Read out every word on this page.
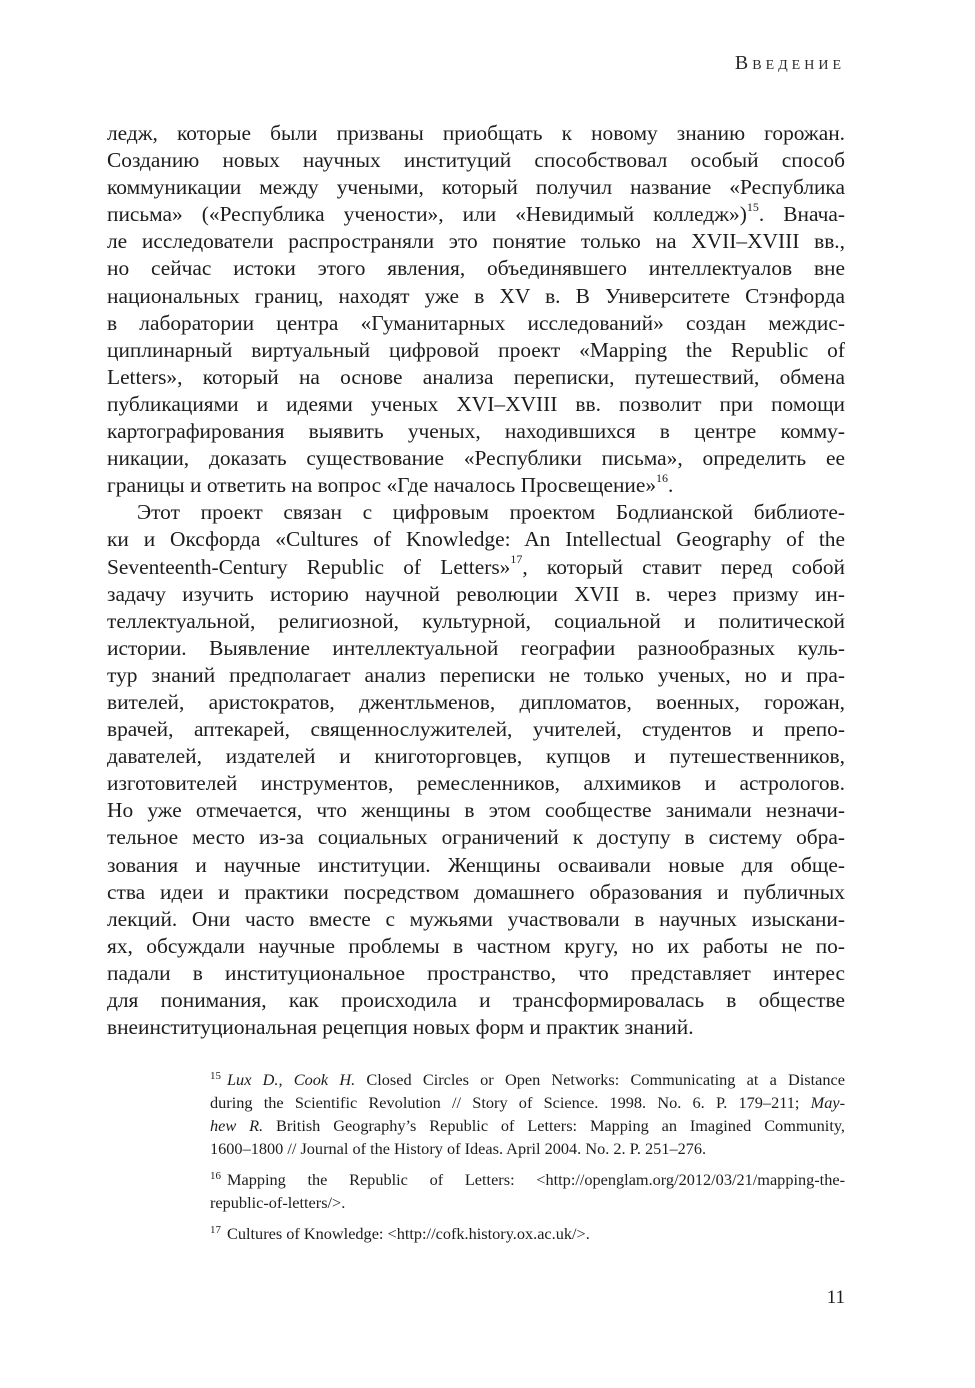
Введение

ледж, которые были призваны приобщать к новому знанию горожан.
Созданию новых научных институций способствовал особый способ
коммуникации между учеными, который получил название «Республика
письма» («Республика учености», или «Невидимый колледж»)$^{15}$. Внача-
ле исследователи распространяли это понятие только на XVII–XVIII вв.,
но сейчас истоки этого явления, объединявшего интеллектуалов вне
национальных границ, находят уже в XV в. В Университете Стэнфорда
в лаборатории центра «Гуманитарных исследований» создан междис-
циплинарный виртуальный цифровой проект «Mapping the Republic of
Letters», который на основе анализа переписки, путешествий, обмена
публикациями и идеями ученых XVI–XVIII вв. позволит при помощи
картографирования выявить ученых, находившихся в центре комму-
никации, доказать существование «Республики письма», определить ее
границы и ответить на вопрос «Где началось Просвещение»$^{16}$.

Этот проект связан с цифровым проектом Бодлианской библиоте-
ки и Оксфорда «Cultures of Knowledge: An Intellectual Geography of the
Seventeenth-Century Republic of Letters»$^{17}$, который ставит перед собой
задачу изучить историю научной революции XVII в. через призму ин-
теллектуальной, религиозной, культурной, социальной и политической
истории. Выявление интеллектуальной географии разнообразных куль-
тур знаний предполагает анализ переписки не только ученых, но и пра-
вителей, аристократов, джентльменов, дипломатов, военных, горожан,
врачей, аптекарей, священнослужителей, учителей, студентов и препо-
давателей, издателей и книготорговцев, купцов и путешественников,
изготовителей инструментов, ремесленников, алхимиков и астрологов.
Но уже отмечается, что женщины в этом сообществе занимали незначи-
тельное место из-за социальных ограничений к доступу в систему обра-
зования и научные институции. Женщины осваивали новые для обще-
ства идеи и практики посредством домашнего образования и публичных
лекций. Они часто вместе с мужьями участвовали в научных изыскани-
ях, обсуждали научные проблемы в частном кругу, но их работы не по-
падали в институциональное пространство, что представляет интерес
для понимания, как происходила и трансформировалась в обществе
внеинституциональная рецепция новых форм и практик знаний.

$^{15}$ Lux D., Cook H. Closed Circles or Open Networks: Communicating at a Distance
during the Scientific Revolution // Story of Science. 1998. No. 6. P. 179–211; May-
hew R. British Geography’s Republic of Letters: Mapping an Imagined Community,
1600–1800 // Journal of the History of Ideas. April 2004. No. 2. P. 251–276.
$^{16}$ Mapping the Republic of Letters: <http://openglam.org/2012/03/21/mapping-the-
republic-of-letters/>.
$^{17}$ Cultures of Knowledge: <http://cofk.history.ox.ac.uk/>.
11
